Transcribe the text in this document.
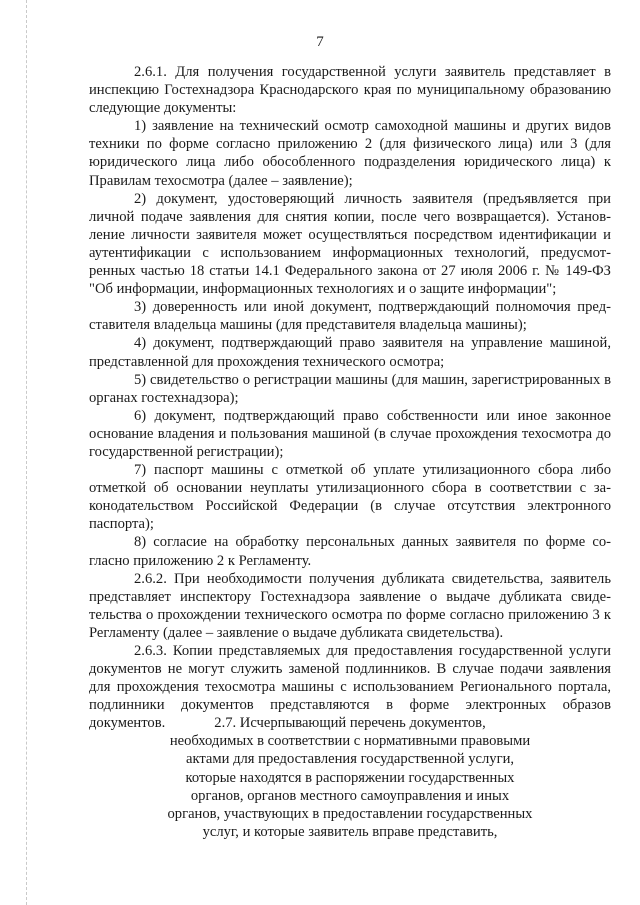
7

2.6.1. Для получения государственной услуги заявитель представляет в инспекцию Гостехнадзора Краснодарского края по муниципальному образованию следующие документы:

1) заявление на технический осмотр самоходной машины и других видов техники по форме согласно приложению 2 (для физического лица) или 3 (для юридического лица либо обособленного подразделения юридического лица) к Правилам техосмотра (далее – заявление);

2) документ, удостоверяющий личность заявителя (предъявляется при личной подаче заявления для снятия копии, после чего возвращается). Установление личности заявителя может осуществляться посредством идентификации и аутентификации с использованием информационных технологий, предусмотренных частью 18 статьи 14.1 Федерального закона от 27 июля 2006 г. № 149-ФЗ "Об информации, информационных технологиях и о защите информации";

3) доверенность или иной документ, подтверждающий полномочия представителя владельца машины (для представителя владельца машины);

4) документ, подтверждающий право заявителя на управление машиной, представленной для прохождения технического осмотра;

5) свидетельство о регистрации машины (для машин, зарегистрированных в органах гостехнадзора);

6) документ, подтверждающий право собственности или иное законное основание владения и пользования машиной (в случае прохождения техосмотра до государственной регистрации);

7) паспорт машины с отметкой об уплате утилизационного сбора либо отметкой об основании неуплаты утилизационного сбора в соответствии с законодательством Российской Федерации (в случае отсутствия электронного паспорта);

8) согласие на обработку персональных данных заявителя по форме согласно приложению 2 к Регламенту.

2.6.2. При необходимости получения дубликата свидетельства, заявитель представляет инспектору Гостехнадзора заявление о выдаче дубликата свидетельства о прохождении технического осмотра по форме согласно приложению 3 к Регламенту (далее – заявление о выдаче дубликата свидетельства).

2.6.3. Копии представляемых для предоставления государственной услуги документов не могут служить заменой подлинников. В случае подачи заявления для прохождения техосмотра машины с использованием Регионального портала, подлинники документов представляются в форме электронных образов документов.	2.7. Исчерпывающий перечень документов,
необходимых в соответствии с нормативными правовыми
актами для предоставления государственной услуги,
которые находятся в распоряжении государственных
органов, органов местного самоуправления и иных
органов, участвующих в предоставлении государственных
услуг, и которые заявитель вправе представить,
